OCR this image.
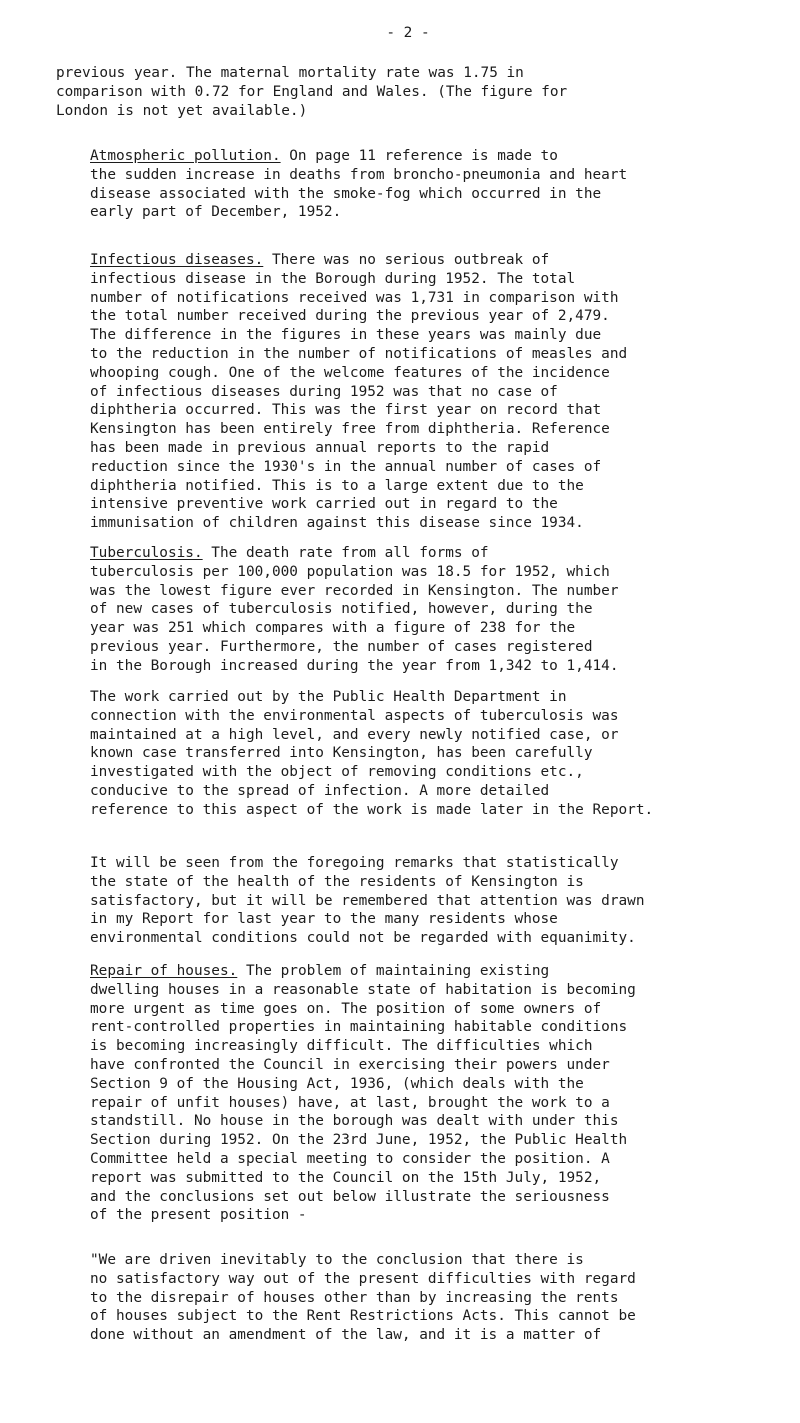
- 2 -

previous year. The maternal mortality rate was 1.75 in
comparison with 0.72 for England and Wales. (The figure for
London is not yet available.)

Atmospheric pollution. On page 11 reference is made to
the sudden increase in deaths from broncho-pneumonia and heart
disease associated with the smoke-fog which occurred in the
early part of December, 1952.

Infectious diseases. There was no serious outbreak of
infectious disease in the Borough during 1952. The total
number of notifications received was 1,731 in comparison with
the total number received during the previous year of 2,479.
The difference in the figures in these years was mainly due
to the reduction in the number of notifications of measles and
whooping cough. One of the welcome features of the incidence
of infectious diseases during 1952 was that no case of
diphtheria occurred. This was the first year on record that
Kensington has been entirely free from diphtheria. Reference
has been made in previous annual reports to the rapid
reduction since the 1930's in the annual number of cases of
diphtheria notified. This is to a large extent due to the
intensive preventive work carried out in regard to the
immunisation of children against this disease since 1934.

Tuberculosis. The death rate from all forms of
tuberculosis per 100,000 population was 18.5 for 1952, which
was the lowest figure ever recorded in Kensington. The number
of new cases of tuberculosis notified, however, during the
year was 251 which compares with a figure of 238 for the
previous year. Furthermore, the number of cases registered
in the Borough increased during the year from 1,342 to 1,414.

The work carried out by the Public Health Department in
connection with the environmental aspects of tuberculosis was
maintained at a high level, and every newly notified case, or
known case transferred into Kensington, has been carefully
investigated with the object of removing conditions etc.,
conducive to the spread of infection. A more detailed
reference to this aspect of the work is made later in the Report.

It will be seen from the foregoing remarks that statistically
the state of the health of the residents of Kensington is
satisfactory, but it will be remembered that attention was drawn
in my Report for last year to the many residents whose
environmental conditions could not be regarded with equanimity.

Repair of houses. The problem of maintaining existing
dwelling houses in a reasonable state of habitation is becoming
more urgent as time goes on. The position of some owners of
rent-controlled properties in maintaining habitable conditions
is becoming increasingly difficult. The difficulties which
have confronted the Council in exercising their powers under
Section 9 of the Housing Act, 1936, (which deals with the
repair of unfit houses) have, at last, brought the work to a
standstill. No house in the borough was dealt with under this
Section during 1952. On the 23rd June, 1952, the Public Health
Committee held a special meeting to consider the position. A
report was submitted to the Council on the 15th July, 1952,
and the conclusions set out below illustrate the seriousness
of the present position -

"We are driven inevitably to the conclusion that there is
no satisfactory way out of the present difficulties with regard
to the disrepair of houses other than by increasing the rents
of houses subject to the Rent Restrictions Acts. This cannot be
done without an amendment of the law, and it is a matter of
